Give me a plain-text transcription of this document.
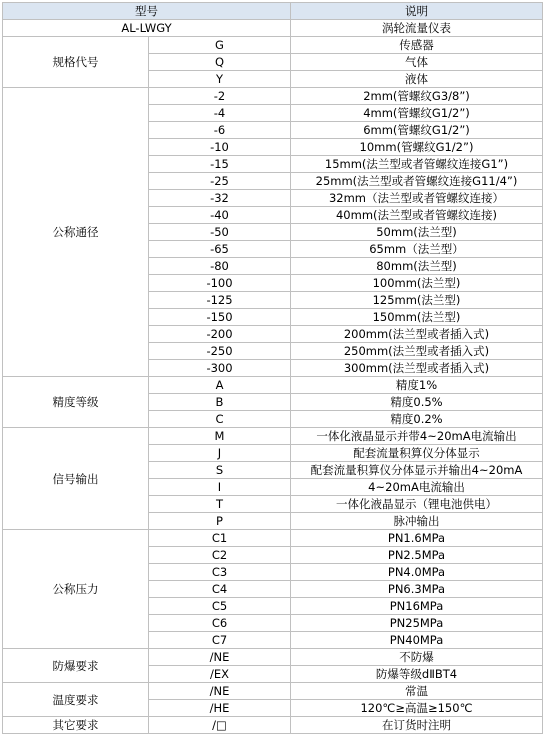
型号		说明
AL-LWGY		涡轮流量仪表
规格代号	G	传感器
	Q	气体
	Y	液体
公称通径	-2	2mm(管螺纹G3/8”)
	-4	4mm(管螺纹G1/2”)
	-6	6mm(管螺纹G1/2”)
	-10	10mm(管螺纹G1/2”)
	-15	15mm(法兰型或者管螺纹连接G1”)
	-25	25mm(法兰型或者管螺纹连接G11/4”)
	-32	32mm（法兰型或者管螺纹连接）
	-40	40mm(法兰型或者管螺纹连接)
	-50	50mm(法兰型)
	-65	65mm（法兰型）
	-80	80mm(法兰型)
	-100	100mm(法兰型)
	-125	125mm(法兰型)
	-150	150mm(法兰型)
	-200	200mm(法兰型或者插入式)
	-250	250mm(法兰型或者插入式)
	-300	300mm(法兰型或者插入式)
精度等级	A	精度1%
	B	精度0.5%
	C	精度0.2%
信号输出	M	一体化液晶显示并带4~20mA电流输出
	J	配套流量积算仪分体显示
	S	配套流量积算仪分体显示并输出4~20mA
	I	4~20mA电流输出
	T	一体化液晶显示（锂电池供电）
	P	脉冲输出
公称压力	C1	PN1.6MPa
	C2	PN2.5MPa
	C3	PN4.0MPa
	C4	PN6.3MPa
	C5	PN16MPa
	C6	PN25MPa
	C7	PN40MPa
防爆要求	/NE	不防爆
	/EX	防爆等级dⅡBT4
温度要求	/NE	常温
	/HE	120℃≥高温≥150℃
其它要求	/□	在订货时注明
